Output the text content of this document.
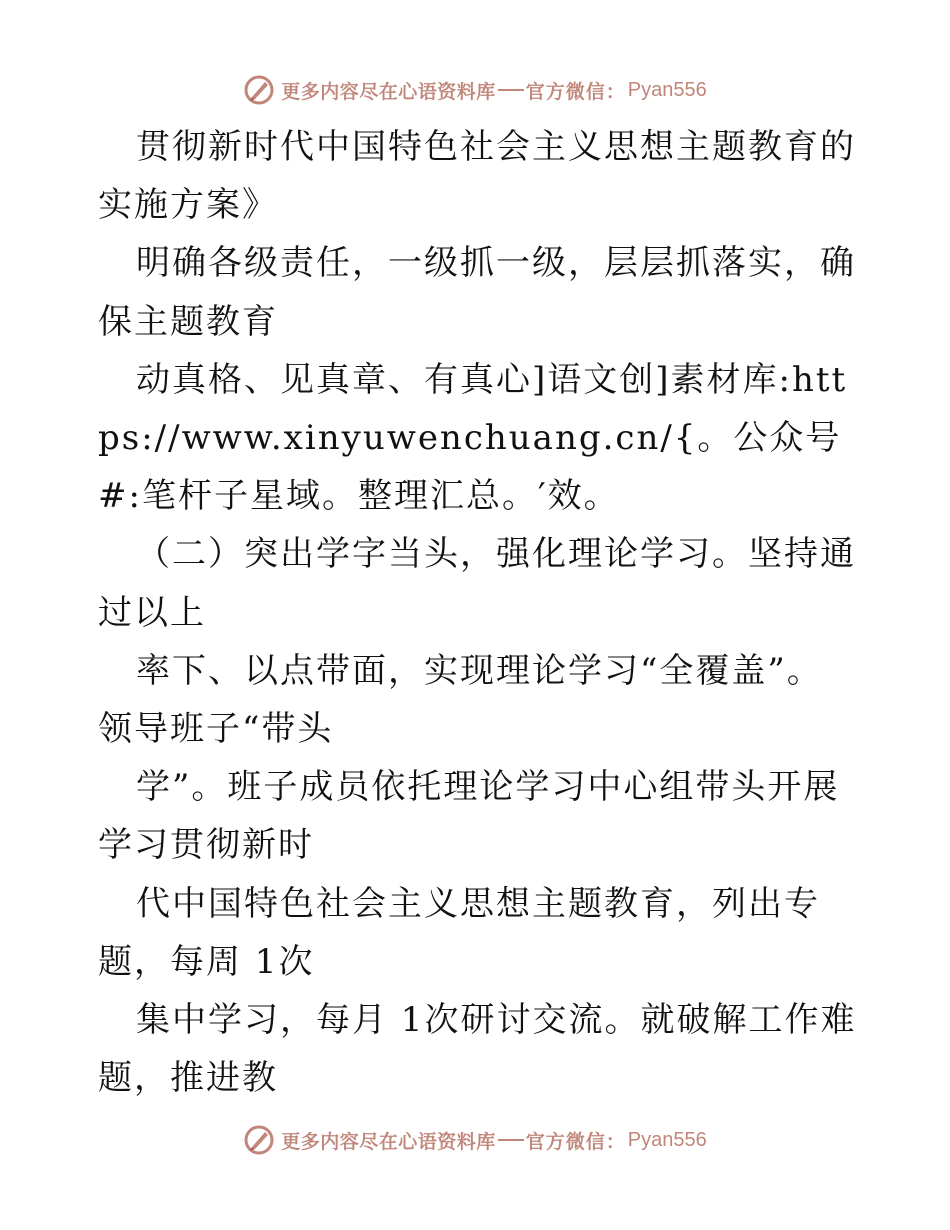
更多内容尽在心语资料库 官方微信： Pyan556

贯彻新时代中国特色社会主义思想主题教育的实施方案》

明确各级责任，一级抓一级，层层抓落实，确保主题教育

动真格、见真章、有真心]语文创]素材库:https://www.xinyuwenchuang.cn/{。公众号#:笔杆子星域。整理汇总。′效。

（二）突出学字当头，强化理论学习。坚持通过以上

率下、以点带面，实现理论学习“全覆盖”。领导班子“带头

学”。班子成员依托理论学习中心组带头开展学习贯彻新时

代中国特色社会主义思想主题教育，列出专题，每周 1次

集中学习，每月 1次研讨交流。就破解工作难题，推进教

更多内容尽在心语资料库 官方微信： Pyan556
